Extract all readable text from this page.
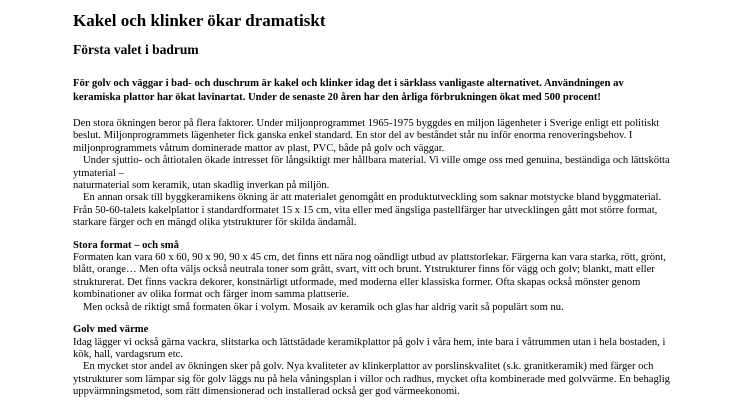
Kakel och klinker ökar dramatiskt
Första valet i badrum

För golv och väggar i bad- och duschrum är kakel och klinker idag det i särklass vanligaste alternativet. Användningen av keramiska plattor har ökat lavinartat. Under de senaste 20 åren har den årliga förbrukningen ökat med 500 procent!

Den stora ökningen beror på flera faktorer. Under miljonprogrammet 1965-1975 byggdes en miljon lägenheter i Sverige enligt ett politiskt beslut. Miljonprogrammets lägenheter fick ganska enkel standard. En stor del av beståndet står nu inför enorma renoveringsbehov. I miljonprogrammets våtrum dominerade mattor av plast, PVC, både på golv och väggar.

Under sjuttio- och åttiotalen ökade intresset för långsiktigt mer hållbara material. Vi ville omge oss med genuina, beständiga och lättskötta ytmaterial –

naturmaterial som keramik, utan skadlig inverkan på miljön.

En annan orsak till byggkeramikens ökning är att materialet genomgått en produktutveckling som saknar motstycke bland byggmaterial. Från 50-60-talets kakelplattor i standardformatet 15 x 15 cm, vita eller med ängsliga pastellfärger har utvecklingen gått mot större format, starkare färger och en mängd olika ytstrukturer för skilda ändamål.

Stora format – och små

Formaten kan vara 60 x 60, 90 x 90, 90 x 45 cm, det finns ett nära nog oändligt utbud av plattstorlekar. Färgerna kan vara starka, rött, grönt, blått, orange… Men ofta väljs också neutrala toner som grått, svart, vitt och brunt. Ytstrukturer finns för vägg och golv; blankt, matt eller strukturerat. Det finns vackra dekorer, konstnärligt utformade, med moderna eller klassiska former. Ofta skapas också mönster genom kombinationer av olika format och färger inom samma plattserie.

Men också de riktigt små formaten ökar i volym. Mosaik av keramik och glas har aldrig varit så populärt som nu.

Golv med värme

Idag lägger vi också gärna vackra, slitstarka och lättstädade keramikplattor på golv i våra hem, inte bara i våtrummen utan i hela bostaden, i kök, hall, vardagsrum etc.

En mycket stor andel av ökningen sker på golv. Nya kvaliteter av klinkerplattor av porslinskvalitet (s.k. granitkeramik) med färger och ytstrukturer som lämpar sig för golv läggs nu på hela våningsplan i villor och radhus, mycket ofta kombinerade med golvvärme. En behaglig uppvärmningsmetod, som rätt dimensionerad och installerad också ger god värmeekonomi.
